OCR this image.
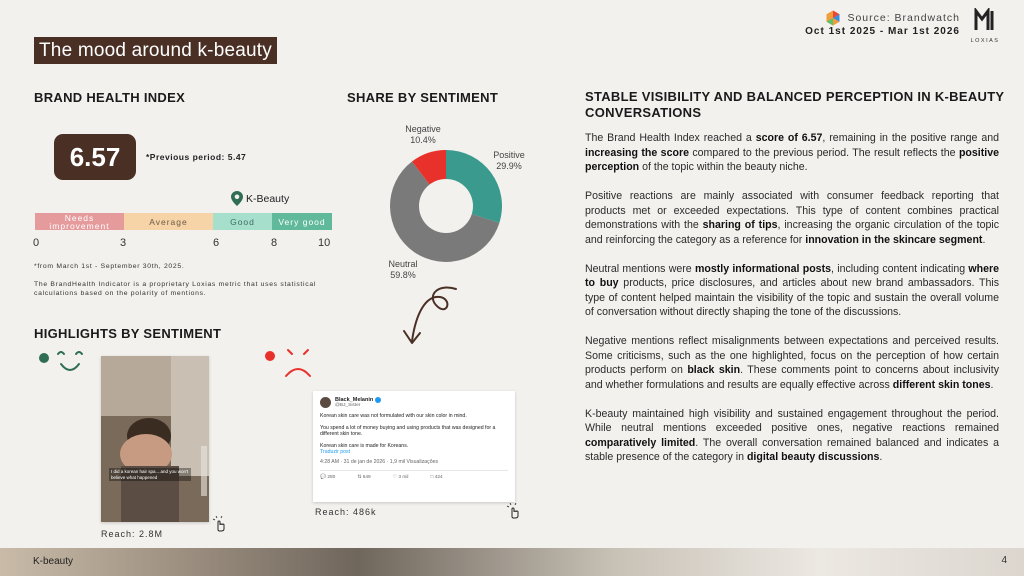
The mood around k-beauty
Source: Brandwatch
Oct 1st 2025 - Mar 1st 2026
LOXIAS
BRAND HEALTH INDEX
6.57	*Previous period: 5.47
K-Beauty
Needs improvement	Average	Good	Very good
0	3	6	8	10
*from March 1st - September 30th, 2025.
The BrandHealth Indicator is a proprietary Loxias metric that uses statistical calculations based on the polarity of mentions.
SHARE BY SENTIMENT
Negative
10.4%
Positive
29.9%
Neutral
59.8%
HIGHLIGHTS BY SENTIMENT
I did a korean hair spa....and you won't believe what happened
Reach: 2.8M
Black_Melanin
@BJ_Sister
Korean skin care was not formulated with our skin color in mind.
You spend a lot of money buying and using products that was designed for a different skin tone.
Korean skin care is made for Koreans.
Traduzir post
4:28 AM · 31 de jan de 2026 · 1,9 mil Visualizações
💬 280	⇅ 649	♡ 3 mil	□ 424
Reach: 486k
STABLE VISIBILITY AND BALANCED PERCEPTION IN K-BEAUTY CONVERSATIONS

The Brand Health Index reached a score of 6.57, remaining in the positive range and increasing the score compared to the previous period. The result reflects the positive perception of the topic within the beauty niche.

Positive reactions are mainly associated with consumer feedback reporting that products met or exceeded expectations. This type of content combines practical demonstrations with the sharing of tips, increasing the organic circulation of the topic and reinforcing the category as a reference for innovation in the skincare segment.

Neutral mentions were mostly informational posts, including content indicating where to buy products, price disclosures, and articles about new brand ambassadors. This type of content helped maintain the visibility of the topic and sustain the overall volume of conversation without directly shaping the tone of the discussions.

Negative mentions reflect misalignments between expectations and perceived results. Some criticisms, such as the one highlighted, focus on the perception of how certain products perform on black skin. These comments point to concerns about inclusivity and whether formulations and results are equally effective across different skin tones.

K-beauty maintained high visibility and sustained engagement throughout the period. While neutral mentions exceeded positive ones, negative reactions remained comparatively limited. The overall conversation remained balanced and indicates a stable presence of the category in digital beauty discussions.

K-beauty	4
